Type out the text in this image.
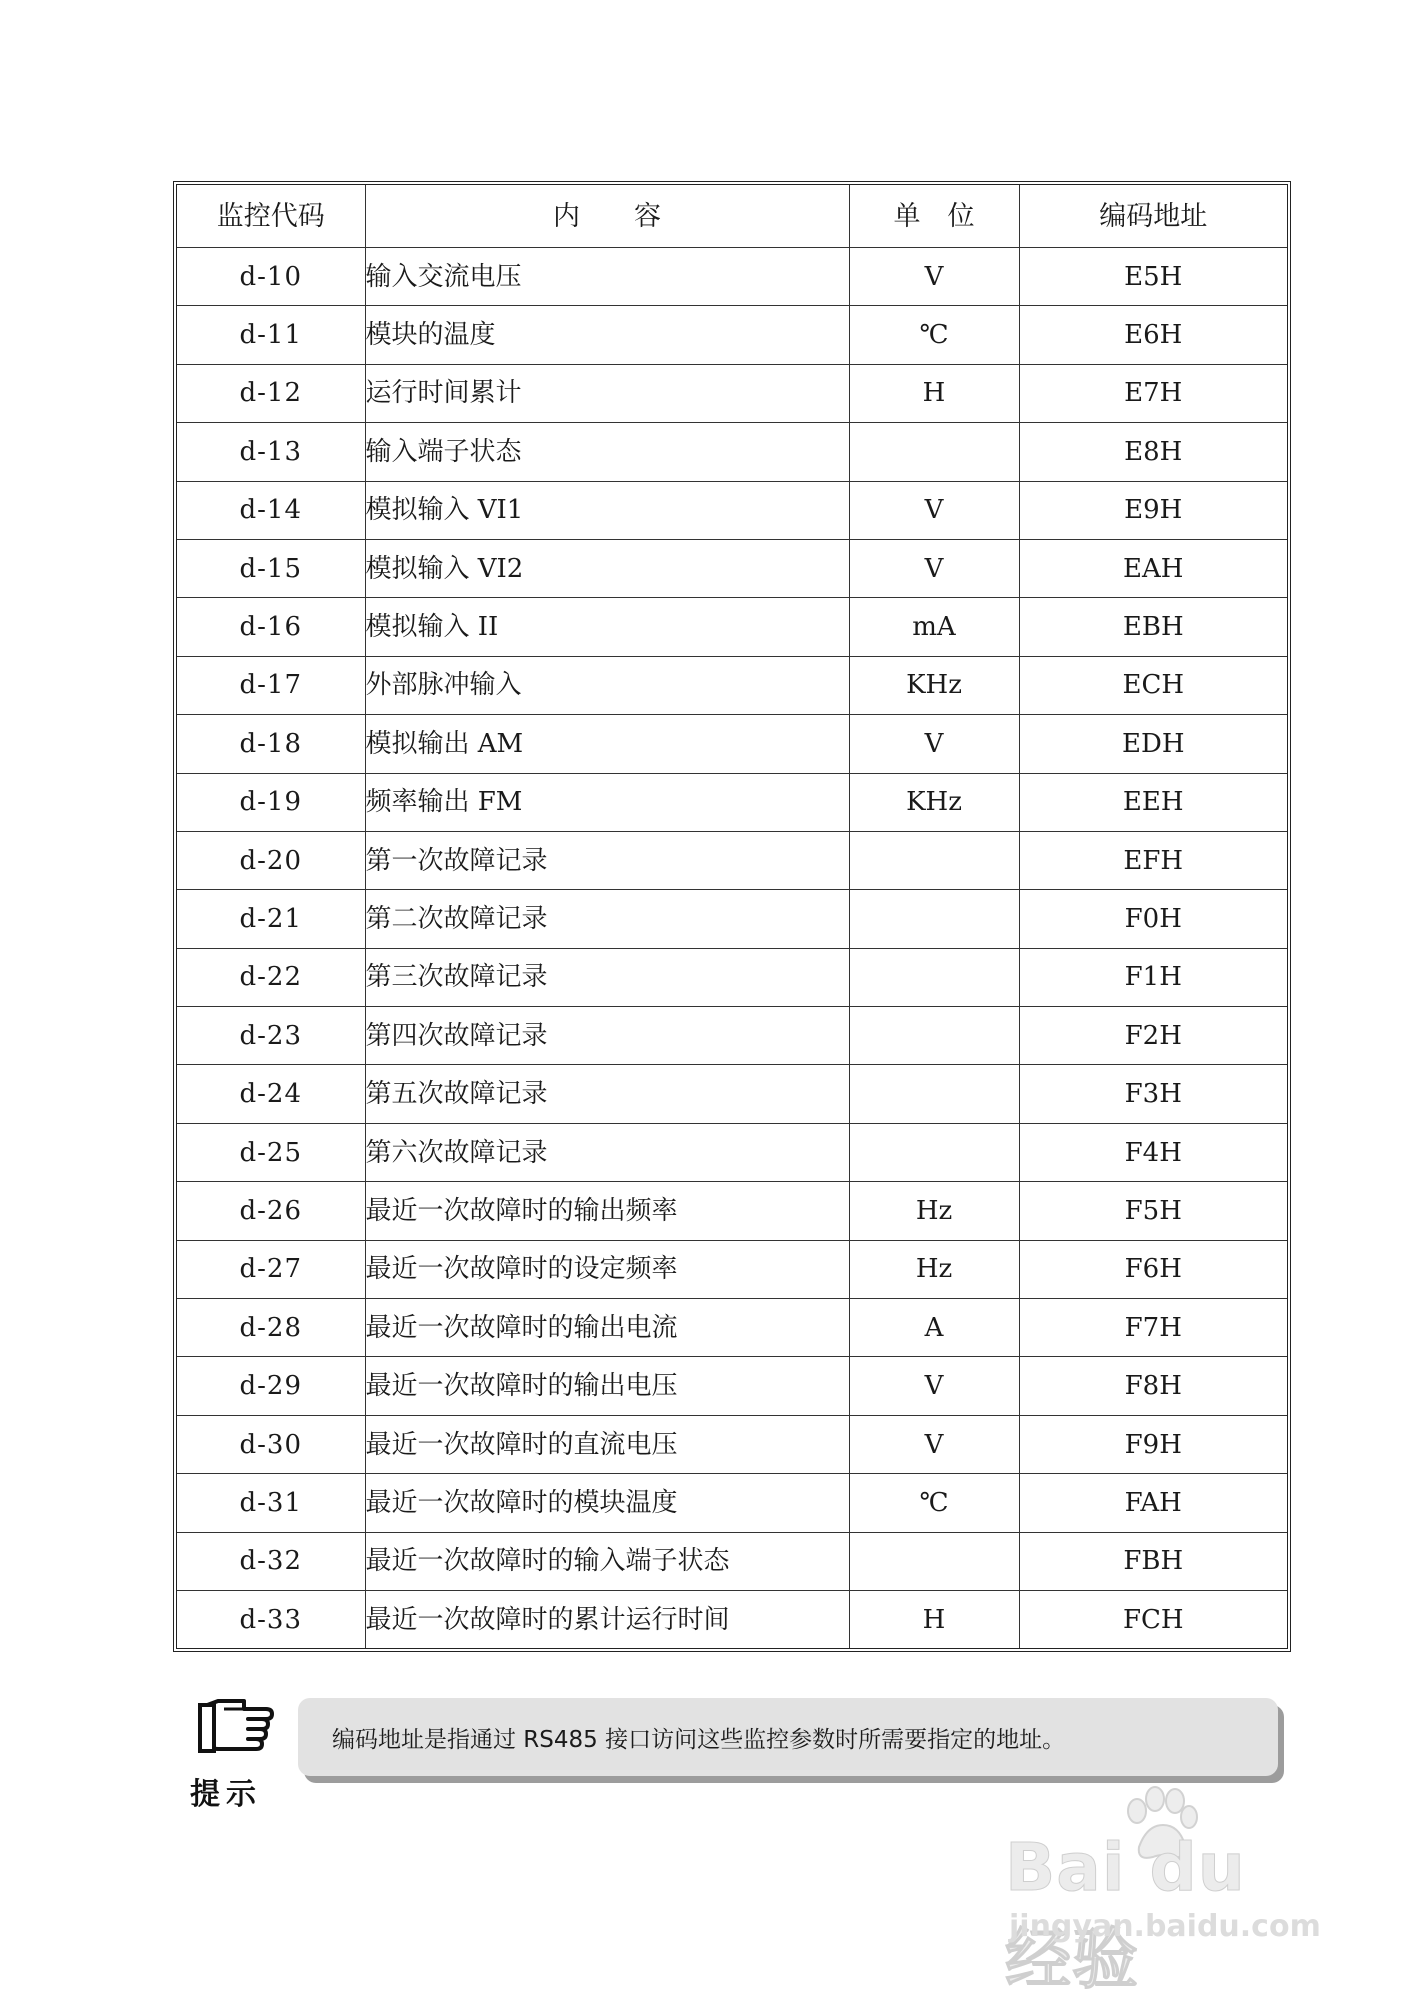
监控代码	内　　容	单　位	编码地址
d-10	输入交流电压	V	E5H
d-11	模块的温度	℃	E6H
d-12	运行时间累计	H	E7H
d-13	输入端子状态		E8H
d-14	模拟输入 VI1	V	E9H
d-15	模拟输入 VI2	V	EAH
d-16	模拟输入 II	mA	EBH
d-17	外部脉冲输入	KHz	ECH
d-18	模拟输出 AM	V	EDH
d-19	频率输出 FM	KHz	EEH
d-20	第一次故障记录		EFH
d-21	第二次故障记录		F0H
d-22	第三次故障记录		F1H
d-23	第四次故障记录		F2H
d-24	第五次故障记录		F3H
d-25	第六次故障记录		F4H
d-26	最近一次故障时的输出频率	Hz	F5H
d-27	最近一次故障时的设定频率	Hz	F6H
d-28	最近一次故障时的输出电流	A	F7H
d-29	最近一次故障时的输出电压	V	F8H
d-30	最近一次故障时的直流电压	V	F9H
d-31	最近一次故障时的模块温度	℃	FAH
d-32	最近一次故障时的输入端子状态		FBH
d-33	最近一次故障时的累计运行时间	H	FCH
提示
编码地址是指通过 RS485 接口访问这些监控参数时所需要指定的地址。
Bai du 经验
jingyan.baidu.com
